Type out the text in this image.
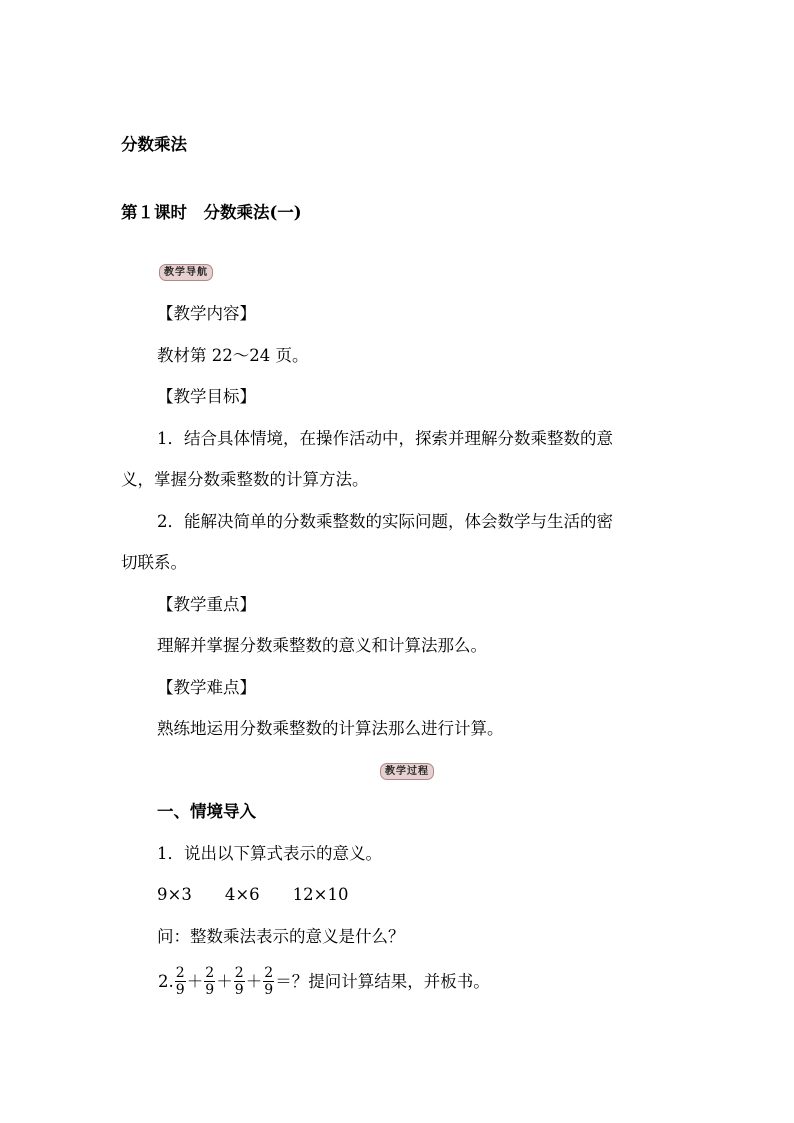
分数乘法
第１课时　分数乘法(一)
教学导航
【教学内容】
教材第 22～24 页。
【教学目标】
1．结合具体情境，在操作活动中，探索并理解分数乘整数的意
义，掌握分数乘整数的计算方法。
2．能解决简单的分数乘整数的实际问题，体会数学与生活的密
切联系。
【教学重点】
理解并掌握分数乘整数的意义和计算法那么。
【教学难点】
熟练地运用分数乘整数的计算法那么进行计算。
教学过程
一、情境导入
1．说出以下算式表示的意义。
9×3　　4×6　　12×10
问：整数乘法表示的意义是什么？
2. $\frac{2}{9} + \frac{2}{9} + \frac{2}{9} + \frac{2}{9}$ ＝？提问计算结果，并板书。
